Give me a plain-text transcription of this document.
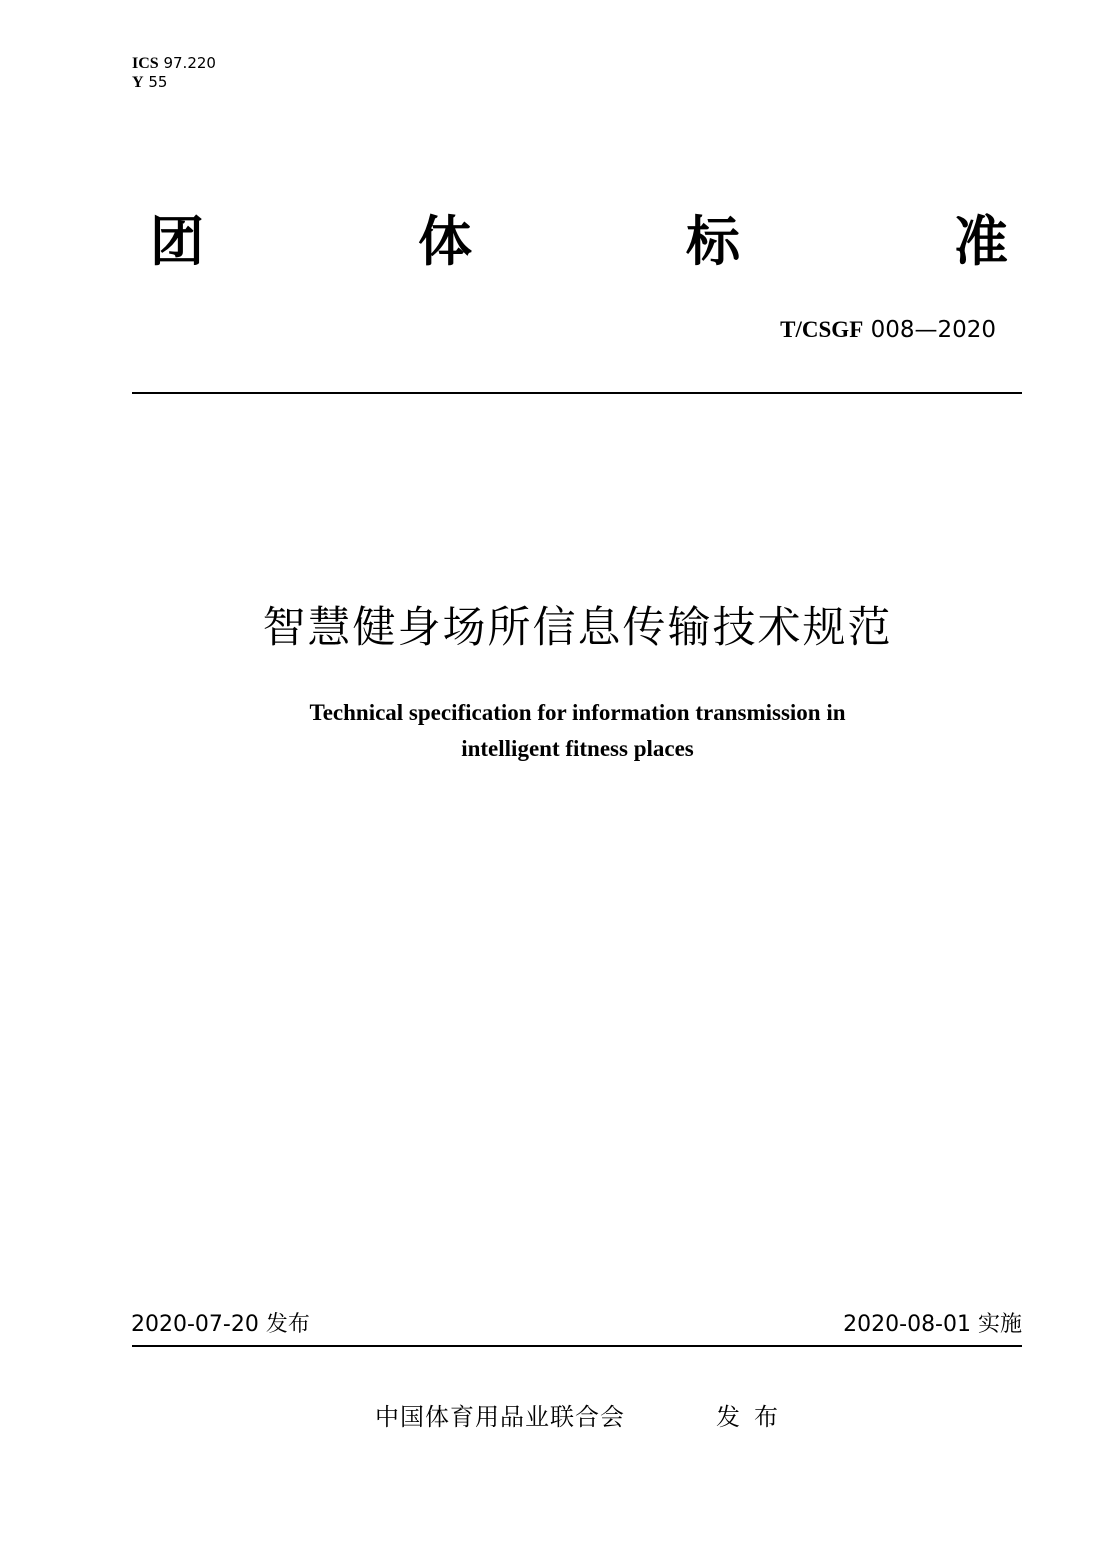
ICS 97.220
Y 55
团	体	标	准
T/CSGF 008—2020
智慧健身场所信息传输技术规范
Technical specification for information transmission in
intelligent fitness places
2020-07-20 发布	2020-08-01 实施
中国体育用品业联合会	发布
